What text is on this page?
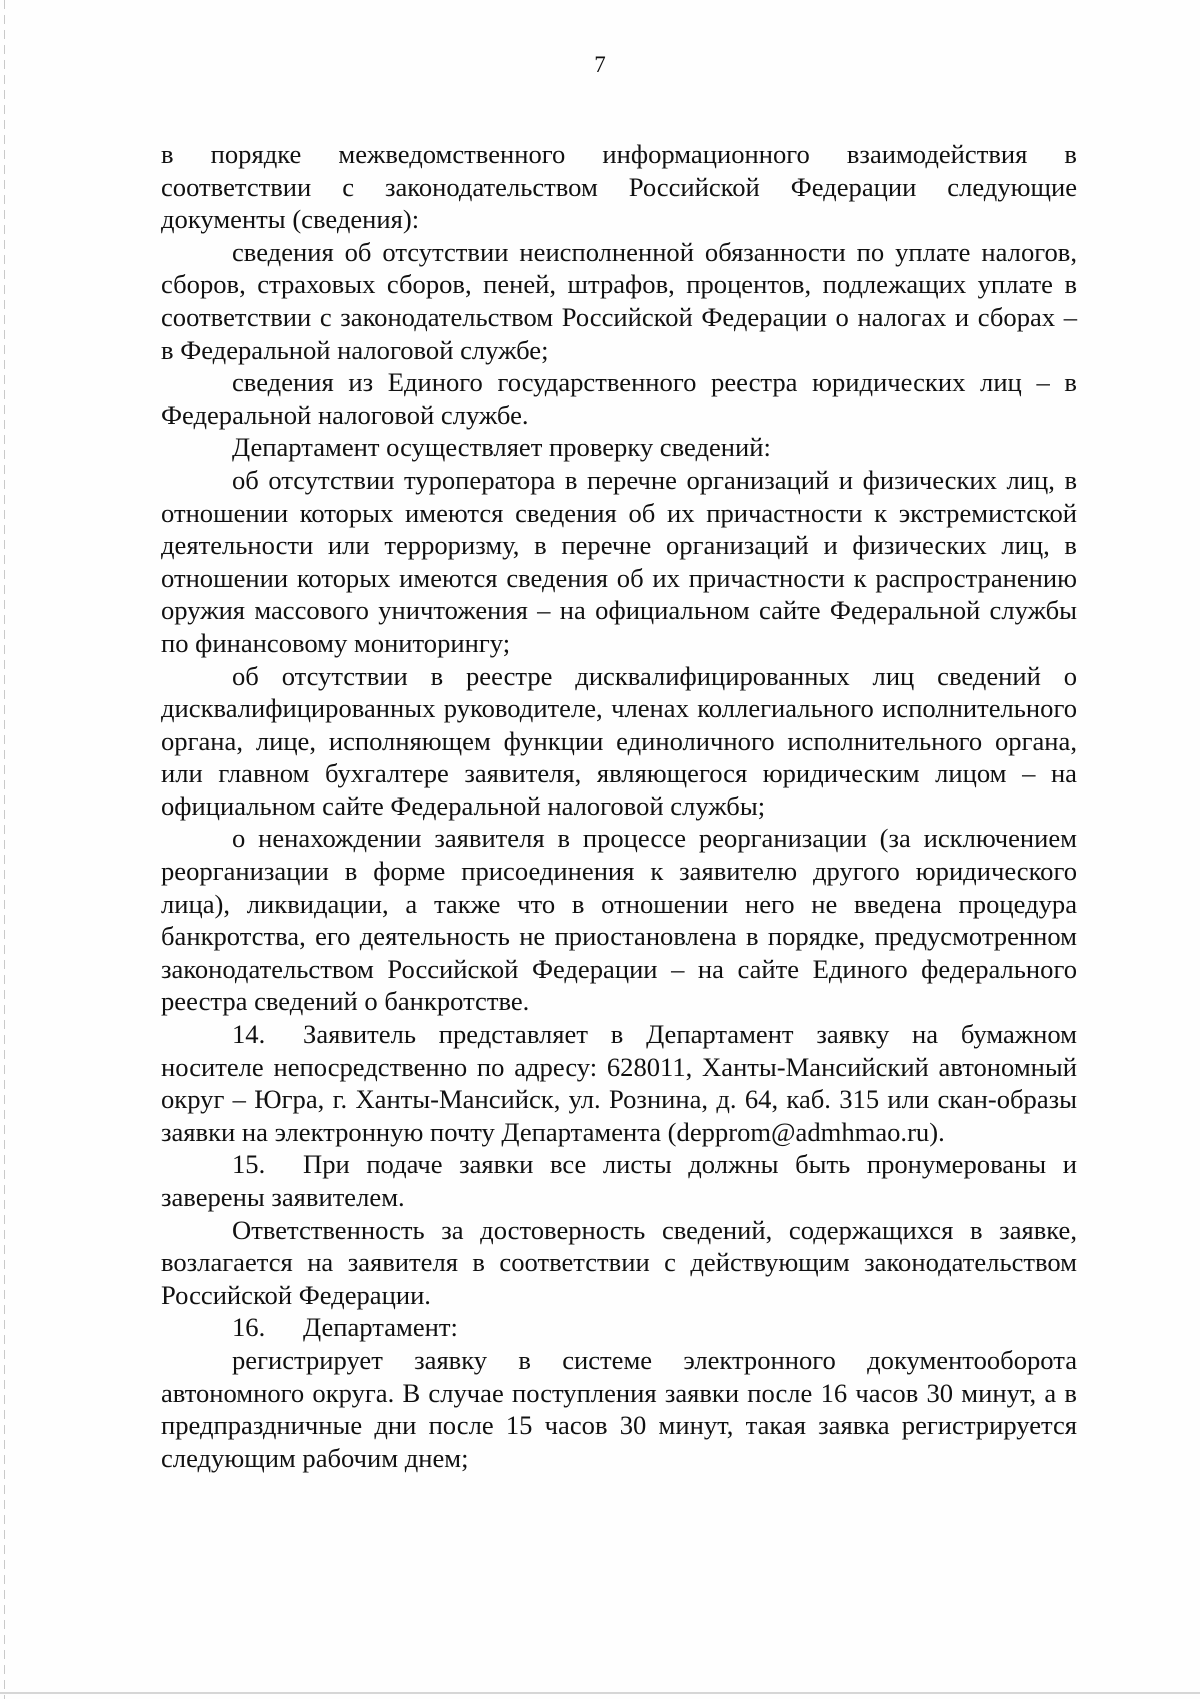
7

в порядке межведомственного информационного взаимодействия в соответствии с законодательством Российской Федерации следующие документы (сведения):

сведения об отсутствии неисполненной обязанности по уплате налогов, сборов, страховых сборов, пеней, штрафов, процентов, подлежащих уплате в соответствии с законодательством Российской Федерации о налогах и сборах – в Федеральной налоговой службе;

сведения из Единого государственного реестра юридических лиц – в Федеральной налоговой службе.

Департамент осуществляет проверку сведений:

об отсутствии туроператора в перечне организаций и физических лиц, в отношении которых имеются сведения об их причастности к экстремистской деятельности или терроризму, в перечне организаций и физических лиц, в отношении которых имеются сведения об их причастности к распространению оружия массового уничтожения – на официальном сайте Федеральной службы по финансовому мониторингу;

об отсутствии в реестре дисквалифицированных лиц сведений о дисквалифицированных руководителе, членах коллегиального исполнительного органа, лице, исполняющем функции единоличного исполнительного органа, или главном бухгалтере заявителя, являющегося юридическим лицом – на официальном сайте Федеральной налоговой службы;

о ненахождении заявителя в процессе реорганизации (за исключением реорганизации в форме присоединения к заявителю другого юридического лица), ликвидации, а также что в отношении него не введена процедура банкротства, его деятельность не приостановлена в порядке, предусмотренном законодательством Российской Федерации – на сайте Единого федерального реестра сведений о банкротстве.

14. Заявитель представляет в Департамент заявку на бумажном носителе непосредственно по адресу: 628011, Ханты-Мансийский автономный округ – Югра, г. Ханты-Мансийск, ул. Рознина, д. 64, каб. 315 или скан-образы заявки на электронную почту Департамента (depprom@admhmao.ru).

15. При подаче заявки все листы должны быть пронумерованы и заверены заявителем.

Ответственность за достоверность сведений, содержащихся в заявке, возлагается на заявителя в соответствии с действующим законодательством Российской Федерации.

16. Департамент:

регистрирует заявку в системе электронного документооборота автономного округа. В случае поступления заявки после 16 часов 30 минут, а в предпраздничные дни после 15 часов 30 минут, такая заявка регистрируется следующим рабочим днем;
